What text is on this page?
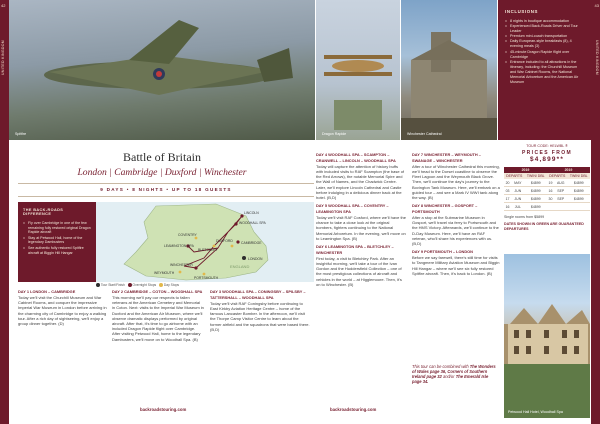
42
UNITED KINGDOM
43
UNITED KINGDOM
Spitfire	Dragon Rapide	Winchester Cathedral
INCLUSIONS
□ 8 nights in boutique accommodation
□ Experienced Back-Roads Driver and Tour Leader
□ Premium mini-coach transportation
□ Daily European-style breakfasts (8), 4 evening meals (3)
□ 45-minute Dragon Rapide flight over Cambridge
□ Entrance included to all attractions in the itinerary, including: the Churchill Museum and War Cabinet Rooms, the National Memorial Arboretum and the American Air Museum
Battle of Britain
London | Cambridge | Duxford | Winchester
9 DAYS • 8 NIGHTS • UP TO 18 GUESTS
THE BACK-ROADS DIFFERENCE
□ Fly over Cambridge in one of the few remaining fully restored original Dragon Rapide aircraft
□ Stay at Petwood Hall, home of the legendary Dambusters
□ See authentic fully restored Spitfire aircraft at Biggin Hill Hangar
LINCOLN
WOODHALL SPA
COVENTRY
LEAMINGTON SPA
BLETCHLEY
DUXFORD CAMBRIDGE
WINCHESTER
PORTSMOUTH
LONDON
WEYMOUTH
ENGLAND
Tour Start/Finish Overnight Stops Day Stops

DAY 1 LONDON – CAMBRIDGE
Today we'll visit the Churchill Museum and War Cabinet Rooms, and conquer the impressive Imperial War Museum in London before arriving in the charming city of Cambridge to enjoy a walking tour. After a rich day of sightseeing, we'll enjoy a group dinner together. (D)

DAY 2 CAMBRIDGE – COTON – WOODHALL SPA
This morning we'll pay our respects to fallen veterans at the American Cemetery and Memorial in Coton. Next: visits to the Imperial War Museum in Duxford and the American Air Museum, where we'll observe dramatic displays performed by original aircraft. After that, it's time to go airborne with an included Dragon Rapide flight over Cambridge. After visiting Petwood Hall, home to the legendary Dambusters, we'll move on to Woodhall Spa. (B)

DAY 3 WOODHALL SPA – CONINGSBY – SPILSBY – TATTERSHALL – WOODHALL SPA
Today we'll visit RAF Coningsby before continuing to East Kirkby Aviation Heritage Centre – home of the famous Lancaster Bomber. In the afternoon, we'll visit the Thorpe Camp Visitor Centre to learn about the former airfield and the squadrons that were based there. (B,D)

DAY 4 WOODHALL SPA – SCAMPTON – CRANWELL – LINCOLN – WOODHALL SPA
Today will capture the attention of history buffs with included visits to RAF Scampton (the base of the Red Arrows), the notable Memorial Spire and the Wall of Names, and the Chadwick Centre. Later, we'll explore Lincoln Cathedral and Castle before indulging in a delicious dinner back at the hotel. (B,D)

DAY 5 WOODHALL SPA – COVENTRY – LEAMINGTON SPA
Today we'll visit RAF Cosford, where we'll have the chance to take a close look at the original bombers, fighters continuing to the National Memorial Arboretum. In the evening, we'll move on to Leamington Spa. (B)

DAY 6 LEAMINGTON SPA – BLETCHLEY – WINCHESTER
First today, a visit to Bletchley Park. After an insightful morning, we'll take a tour of the Ivan Gordon and the Huddersfield Collection – one of the most prestigious collections of aircraft and vehicles in the world – at Higglemoore. Then, it's on to Winchester. (B)

DAY 7 WINCHESTER – WEYMOUTH – SWANAGE – WINCHESTER
After a tour of Winchester Cathedral this morning, we'll head to the Dorset coastline to observe the Fleet Lagoon and the Weymouth Black Grove. Then, we'll continue the day's journey to the Bovington Tank Museum. Here, we'll embark on a guided tour – and see a Mark IV WWI tank along the way. (B)

DAY 8 WINCHESTER – GOSPORT – PORTSMOUTH
After a stop at the Submarine Museum in Gosport, we'll travel via ferry to Portsmouth and the HMS Victory. Afterwards, we'll continue to the D-Day Museum. Here, we'll have an RAF veteran, who'll share his experiences with us. (B,D)

DAY 9 PORTSMOUTH – LONDON
Before we say farewell, there's still time for visits to Tangmere Military Aviation Museum and Biggin Hill Hangar – where we'll see six fully restored Spitfire aircraft. Then, it's back to London. (B)

This tour can be combined with The Wonders of Wales page 36, Corners of Southern Ireland page 32 and/or The Emerald Isle page 34.
backroadstouring.com	backroadstouring.com
TOUR CODE: HELWBL ®
PRICES FROM
$4,899**
2019			2019		
DEPARTS		TWIN/ DBL	DEPARTS		TWIN/ DBL
20	MAY	$4899	19	AUG	$4899
03	JUN	$4899	16	SEP	$4899
17	JUN	$4899	30	SEP	$4899
16	JUL	$4899			
Single rooms from $5899
DATES SHOWN IN GREEN ARE GUARANTEED DEPARTURES
Petwood Hall Hotel, Woodhall Spa
